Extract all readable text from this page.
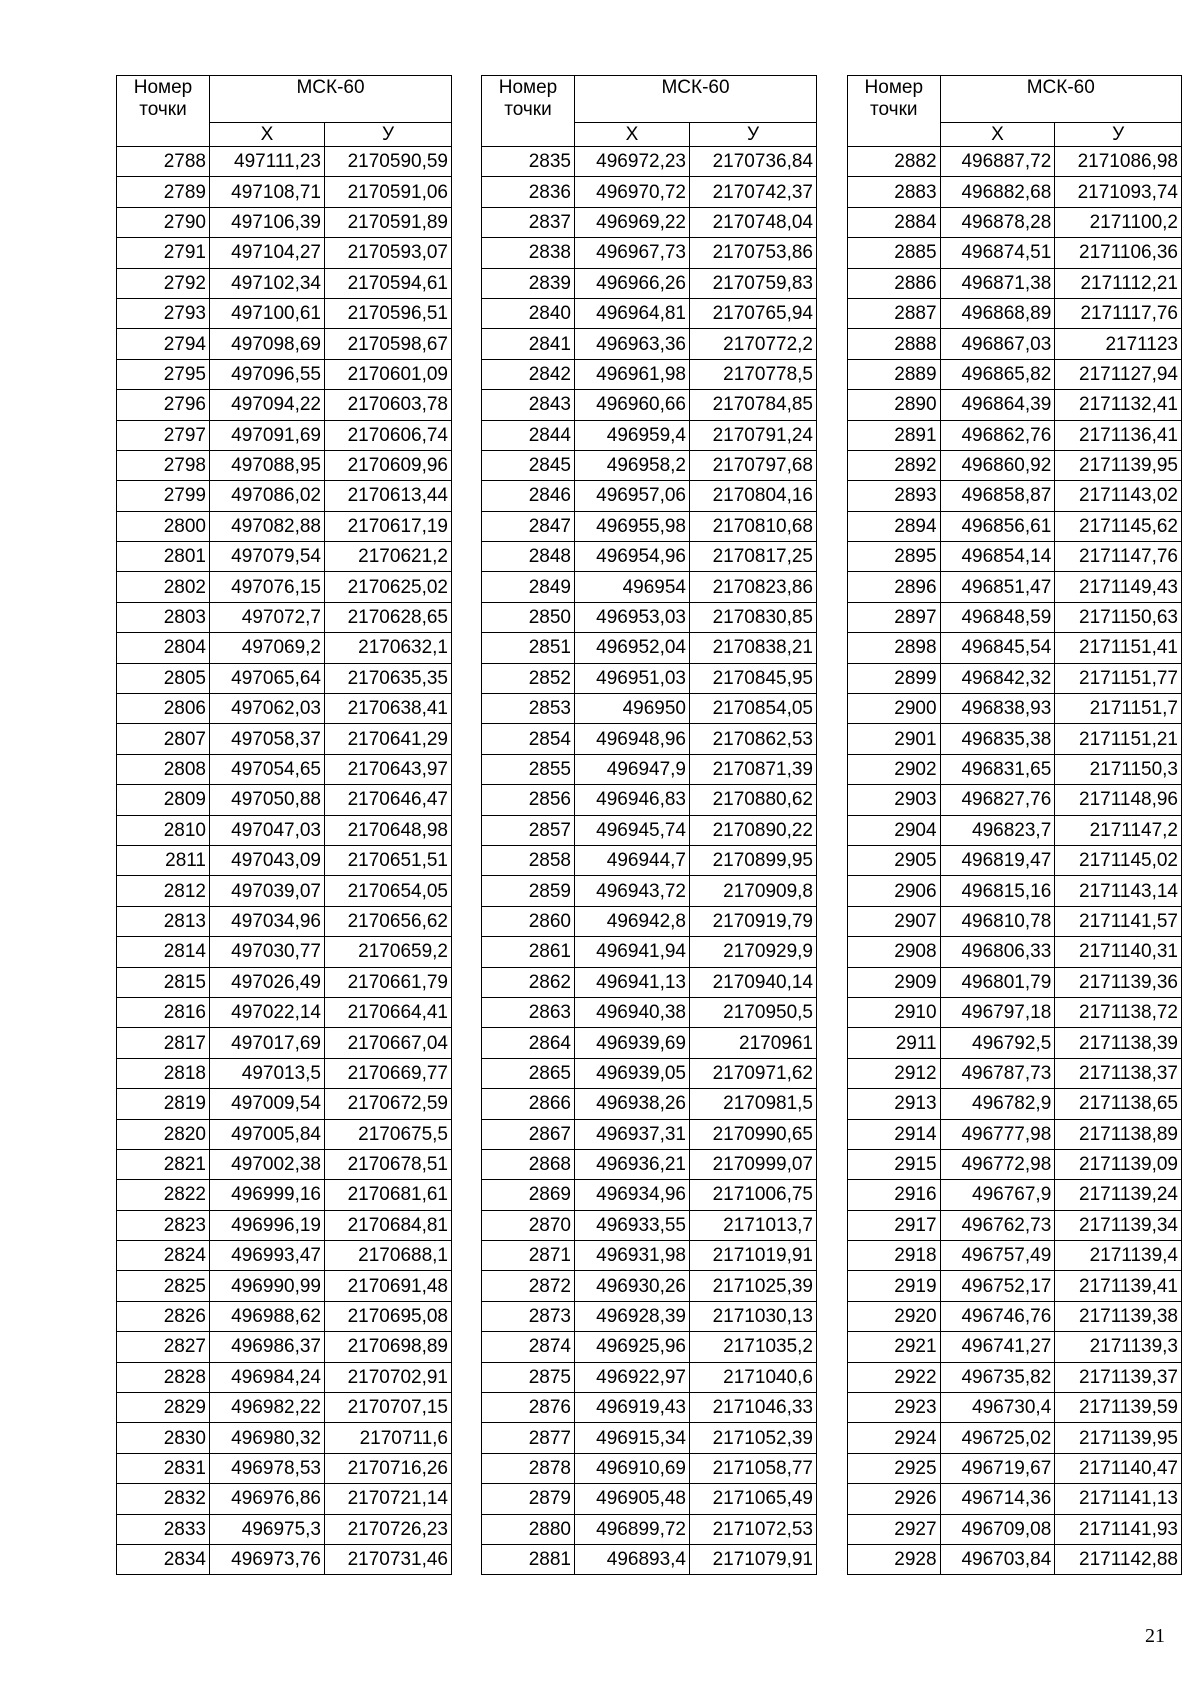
Номер
точки	МСК-60	
	Х	У
2788	497111,23	2170590,59
2789	497108,71	2170591,06
2790	497106,39	2170591,89
2791	497104,27	2170593,07
2792	497102,34	2170594,61
2793	497100,61	2170596,51
2794	497098,69	2170598,67
2795	497096,55	2170601,09
2796	497094,22	2170603,78
2797	497091,69	2170606,74
2798	497088,95	2170609,96
2799	497086,02	2170613,44
2800	497082,88	2170617,19
2801	497079,54	2170621,2
2802	497076,15	2170625,02
2803	497072,7	2170628,65
2804	497069,2	2170632,1
2805	497065,64	2170635,35
2806	497062,03	2170638,41
2807	497058,37	2170641,29
2808	497054,65	2170643,97
2809	497050,88	2170646,47
2810	497047,03	2170648,98
2811	497043,09	2170651,51
2812	497039,07	2170654,05
2813	497034,96	2170656,62
2814	497030,77	2170659,2
2815	497026,49	2170661,79
2816	497022,14	2170664,41
2817	497017,69	2170667,04
2818	497013,5	2170669,77
2819	497009,54	2170672,59
2820	497005,84	2170675,5
2821	497002,38	2170678,51
2822	496999,16	2170681,61
2823	496996,19	2170684,81
2824	496993,47	2170688,1
2825	496990,99	2170691,48
2826	496988,62	2170695,08
2827	496986,37	2170698,89
2828	496984,24	2170702,91
2829	496982,22	2170707,15
2830	496980,32	2170711,6
2831	496978,53	2170716,26
2832	496976,86	2170721,14
2833	496975,3	2170726,23
2834	496973,76	2170731,46
Номер
точки	МСК-60	
	Х	У
2835	496972,23	2170736,84
2836	496970,72	2170742,37
2837	496969,22	2170748,04
2838	496967,73	2170753,86
2839	496966,26	2170759,83
2840	496964,81	2170765,94
2841	496963,36	2170772,2
2842	496961,98	2170778,5
2843	496960,66	2170784,85
2844	496959,4	2170791,24
2845	496958,2	2170797,68
2846	496957,06	2170804,16
2847	496955,98	2170810,68
2848	496954,96	2170817,25
2849	496954	2170823,86
2850	496953,03	2170830,85
2851	496952,04	2170838,21
2852	496951,03	2170845,95
2853	496950	2170854,05
2854	496948,96	2170862,53
2855	496947,9	2170871,39
2856	496946,83	2170880,62
2857	496945,74	2170890,22
2858	496944,7	2170899,95
2859	496943,72	2170909,8
2860	496942,8	2170919,79
2861	496941,94	2170929,9
2862	496941,13	2170940,14
2863	496940,38	2170950,5
2864	496939,69	2170961
2865	496939,05	2170971,62
2866	496938,26	2170981,5
2867	496937,31	2170990,65
2868	496936,21	2170999,07
2869	496934,96	2171006,75
2870	496933,55	2171013,7
2871	496931,98	2171019,91
2872	496930,26	2171025,39
2873	496928,39	2171030,13
2874	496925,96	2171035,2
2875	496922,97	2171040,6
2876	496919,43	2171046,33
2877	496915,34	2171052,39
2878	496910,69	2171058,77
2879	496905,48	2171065,49
2880	496899,72	2171072,53
2881	496893,4	2171079,91
Номер
точки	МСК-60	
	Х	У
2882	496887,72	2171086,98
2883	496882,68	2171093,74
2884	496878,28	2171100,2
2885	496874,51	2171106,36
2886	496871,38	2171112,21
2887	496868,89	2171117,76
2888	496867,03	2171123
2889	496865,82	2171127,94
2890	496864,39	2171132,41
2891	496862,76	2171136,41
2892	496860,92	2171139,95
2893	496858,87	2171143,02
2894	496856,61	2171145,62
2895	496854,14	2171147,76
2896	496851,47	2171149,43
2897	496848,59	2171150,63
2898	496845,54	2171151,41
2899	496842,32	2171151,77
2900	496838,93	2171151,7
2901	496835,38	2171151,21
2902	496831,65	2171150,3
2903	496827,76	2171148,96
2904	496823,7	2171147,2
2905	496819,47	2171145,02
2906	496815,16	2171143,14
2907	496810,78	2171141,57
2908	496806,33	2171140,31
2909	496801,79	2171139,36
2910	496797,18	2171138,72
2911	496792,5	2171138,39
2912	496787,73	2171138,37
2913	496782,9	2171138,65
2914	496777,98	2171138,89
2915	496772,98	2171139,09
2916	496767,9	2171139,24
2917	496762,73	2171139,34
2918	496757,49	2171139,4
2919	496752,17	2171139,41
2920	496746,76	2171139,38
2921	496741,27	2171139,3
2922	496735,82	2171139,37
2923	496730,4	2171139,59
2924	496725,02	2171139,95
2925	496719,67	2171140,47
2926	496714,36	2171141,13
2927	496709,08	2171141,93
2928	496703,84	2171142,88
21
